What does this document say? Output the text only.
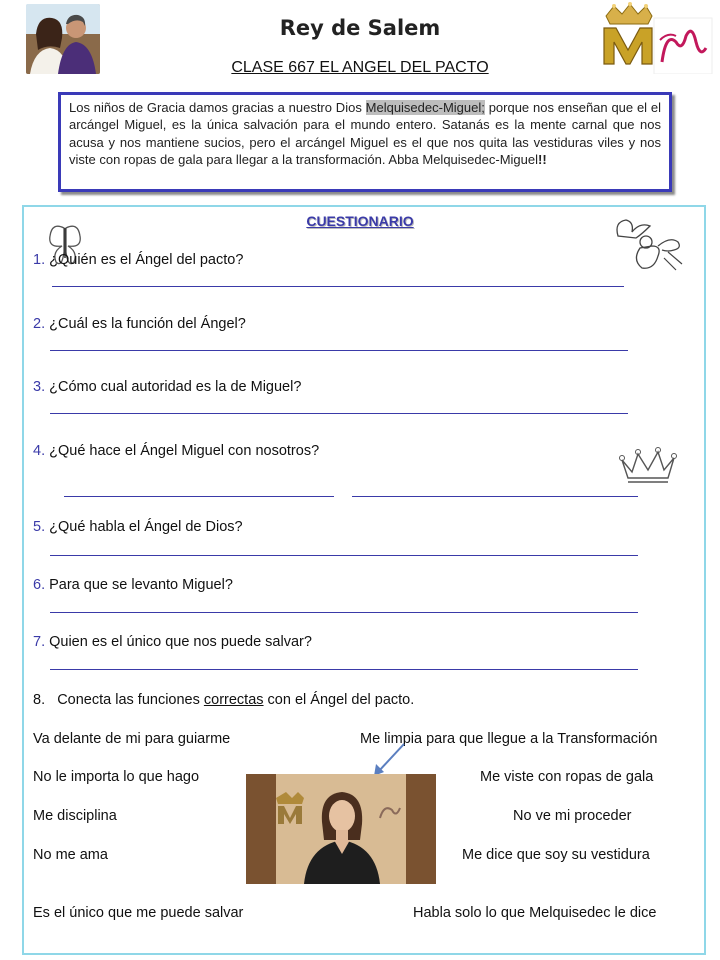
Rey de Salem
CLASE 667 EL ANGEL DEL PACTO
Los niños de Gracia damos gracias a nuestro Dios Melquisedec-Miguel; porque nos enseñan que el el arcángel Miguel, es la única salvación para el mundo entero. Satanás es la mente carnal que nos acusa y nos mantiene sucios, pero el arcángel Miguel es el que nos quita las vestiduras viles y nos viste con ropas de gala para llegar a la transformación. Abba Melquisedec-Miguel!!
CUESTIONARIO
1. ¿Quién es el Ángel del pacto?
2. ¿Cuál es la función del Ángel?
3. ¿Cómo cual autoridad es la de Miguel?
4. ¿Qué hace el Ángel Miguel con nosotros?
5. ¿Qué habla el Ángel de Dios?
6. Para que se levanto Miguel?
7. Quien es el único que nos puede salvar?
8. Conecta las funciones correctas con el Ángel del pacto.
Va delante de mi para guiarme
No le importa lo que hago
Me disciplina
No me ama
Es el único que me puede salvar
Me limpia para que llegue a la Transformación
Me viste con ropas de gala
No ve mi proceder
Me dice que soy su vestidura
Habla solo lo que Melquisedec le dice
